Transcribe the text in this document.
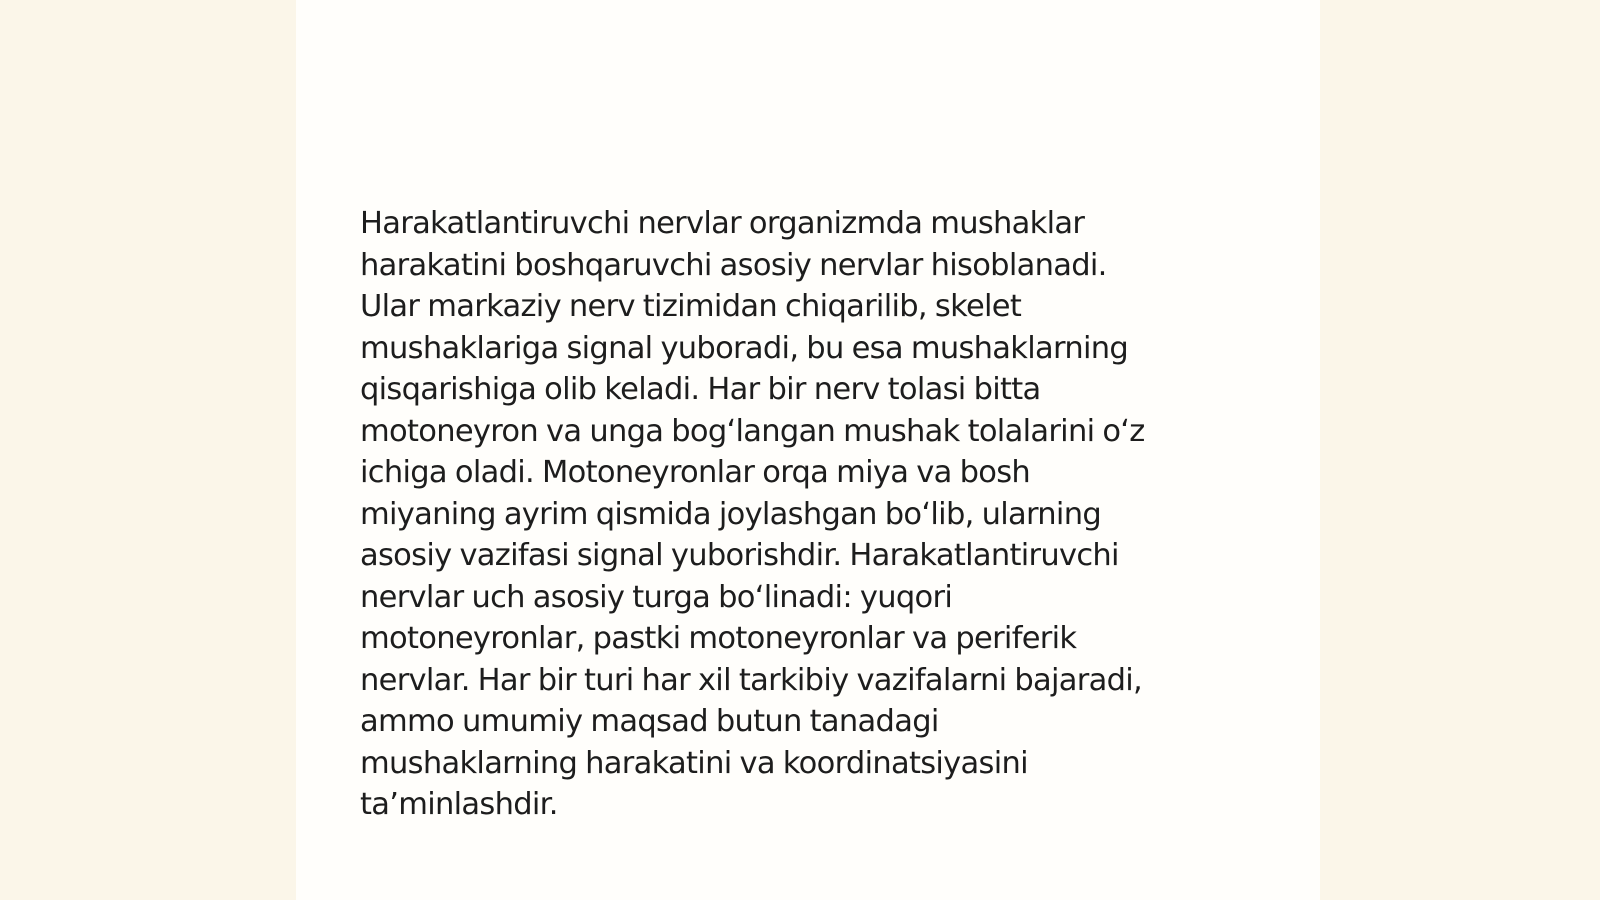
Harakatlantiruvchi nervlar organizmda mushaklar
harakatini boshqaruvchi asosiy nervlar hisoblanadi.
Ular markaziy nerv tizimidan chiqarilib, skelet
mushaklariga signal yuboradi, bu esa mushaklarning
qisqarishiga olib keladi. Har bir nerv tolasi bitta
motoneyron va unga bog‘langan mushak tolalarini o‘z
ichiga oladi. Motoneyronlar orqa miya va bosh
miyaning ayrim qismida joylashgan bo‘lib, ularning
asosiy vazifasi signal yuborishdir. Harakatlantiruvchi
nervlar uch asosiy turga bo‘linadi: yuqori
motoneyronlar, pastki motoneyronlar va periferik
nervlar. Har bir turi har xil tarkibiy vazifalarni bajaradi,
ammo umumiy maqsad butun tanadagi
mushaklarning harakatini va koordinatsiyasini
ta’minlashdir.
